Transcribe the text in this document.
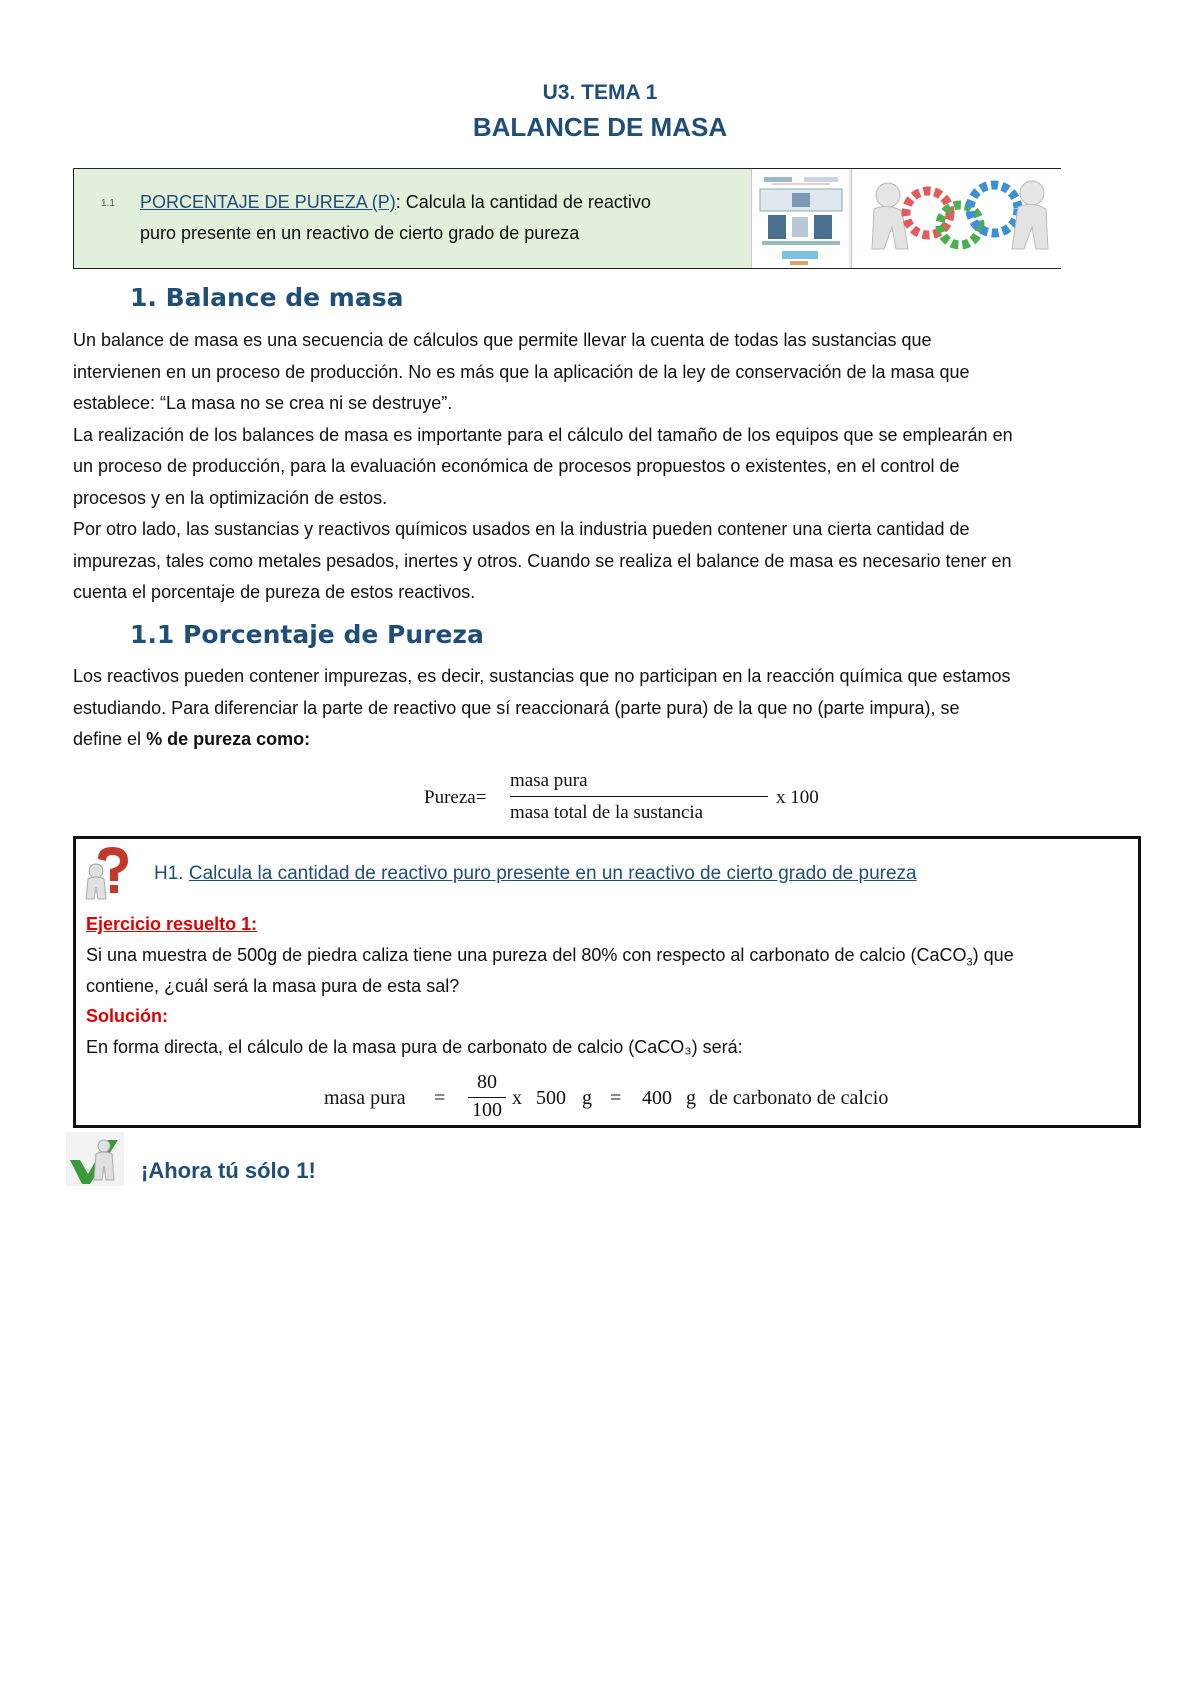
U3. TEMA 1
BALANCE DE MASA
1.1 PORCENTAJE DE PUREZA (P): Calcula la cantidad de reactivo
puro presente en un reactivo de cierto grado de pureza
1. Balance de masa

Un balance de masa es una secuencia de cálculos que permite llevar la cuenta de todas las sustancias que

intervienen en un proceso de producción. No es más que la aplicación de la ley de conservación de la masa que

establece: “La masa no se crea ni se destruye”.

La realización de los balances de masa es importante para el cálculo del tamaño de los equipos que se emplearán en

un proceso de producción, para la evaluación económica de procesos propuestos o existentes, en el control de

procesos y en la optimización de estos.

Por otro lado, las sustancias y reactivos químicos usados en la industria pueden contener una cierta cantidad de

impurezas, tales como metales pesados, inertes y otros. Cuando se realiza el balance de masa es necesario tener en

cuenta el porcentaje de pureza de estos reactivos.

1.1 Porcentaje de Pureza

Los reactivos pueden contener impurezas, es decir, sustancias que no participan en la reacción química que estamos

estudiando. Para diferenciar la parte de reactivo que sí reaccionará (parte pura) de la que no (parte impura), se

define el % de pureza como:

Pureza=
masa pura
masa total de la sustancia
x 100
H1. Calcula la cantidad de reactivo puro presente en un reactivo de cierto grado de pureza
Ejercicio resuelto 1:
Si una muestra de 500g de piedra caliza tiene una pureza del 80% con respecto al carbonato de calcio (CaCO$_3$) que
contiene, ¿cuál será la masa pura de esta sal?
Solución:
En forma directa, el cálculo de la masa pura de carbonato de calcio (CaCO₃) será:
masa pura =
80
100
x 500 g = 400 g de carbonato de calcio
¡Ahora tú sólo 1!
